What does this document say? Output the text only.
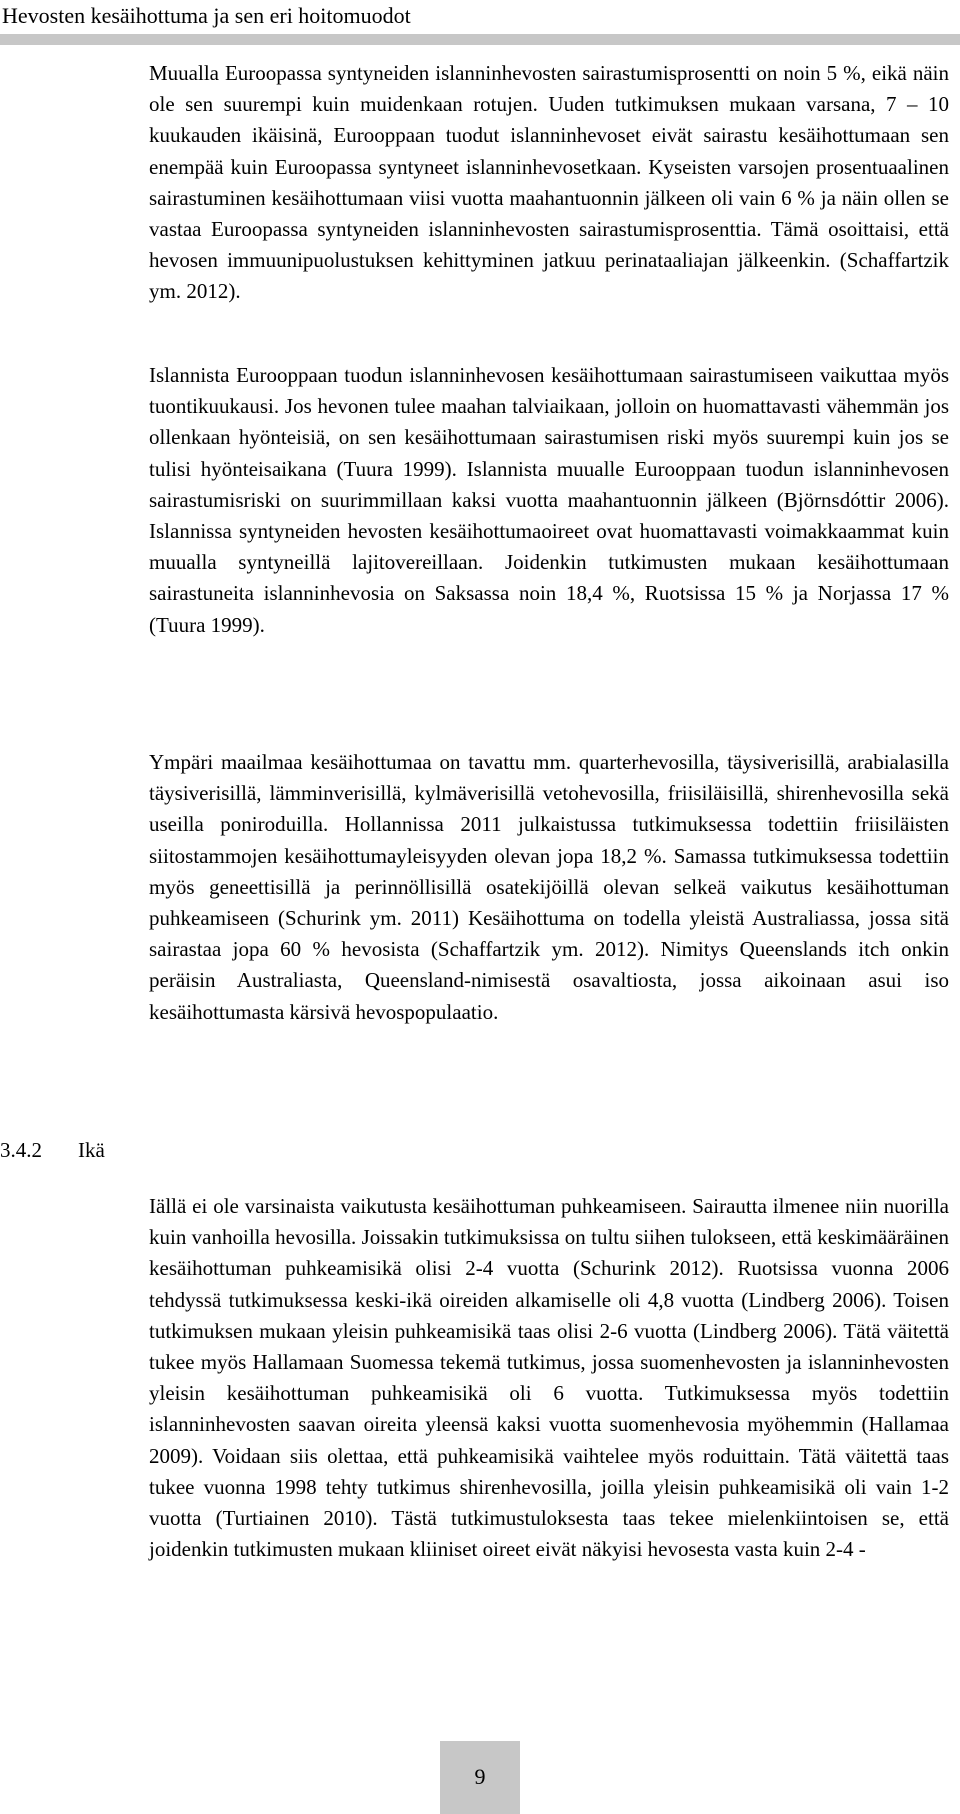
Hevosten kesäihottuma ja sen eri hoitomuodot

Muualla Euroopassa syntyneiden islanninhevosten sairastumisprosentti on noin 5 %, eikä näin ole sen suurempi kuin muidenkaan rotujen. Uuden tutkimuksen mukaan varsana, 7 – 10 kuukauden ikäisinä, Eurooppaan tuodut islanninhevoset eivät sairastu kesäihottumaan sen enempää kuin Euroopassa syntyneet islanninhevosetkaan. Kyseisten varsojen prosentuaalinen sairastuminen kesäihottumaan viisi vuotta maahantuonnin jälkeen oli vain 6 % ja näin ollen se vastaa Euroopassa syntyneiden islanninhevosten sairastumisprosenttia. Tämä osoittaisi, että hevosen immuunipuolustuksen kehittyminen jatkuu perinataaliajan jälkeenkin. (Schaffartzik ym. 2012).

Islannista Eurooppaan tuodun islanninhevosen kesäihottumaan sairastumiseen vaikuttaa myös tuontikuukausi. Jos hevonen tulee maahan talviaikaan, jolloin on huomattavasti vähemmän jos ollenkaan hyönteisiä, on sen kesäihottumaan sairastumisen riski myös suurempi kuin jos se tulisi hyönteisaikana (Tuura 1999). Islannista muualle Eurooppaan tuodun islanninhevosen sairastumisriski on suurimmillaan kaksi vuotta maahantuonnin jälkeen (Björnsdóttir 2006). Islannissa syntyneiden hevosten kesäihottumaoireet ovat huomattavasti voimakkaammat kuin muualla syntyneillä lajitovereillaan. Joidenkin tutkimusten mukaan kesäihottumaan sairastuneita islanninhevosia on Saksassa noin 18,4 %, Ruotsissa 15 % ja Norjassa 17 % (Tuura 1999).

Ympäri maailmaa kesäihottumaa on tavattu mm. quarterhevosilla, täysiverisillä, arabialasilla täysiverisillä, lämminverisillä, kylmäverisillä vetohevosilla, friisiläisillä, shirenhevosilla sekä useilla poniroduilla. Hollannissa 2011 julkaistussa tutkimuksessa todettiin friisiläisten siitostammojen kesäihottumayleisyyden olevan jopa 18,2 %. Samassa tutkimuksessa todettiin myös geneettisillä ja perinnöllisillä osatekijöillä olevan selkeä vaikutus kesäihottuman puhkeamiseen (Schurink ym. 2011) Kesäihottuma on todella yleistä Australiassa, jossa sitä sairastaa jopa 60 % hevosista (Schaffartzik ym. 2012). Nimitys Queenslands itch onkin peräisin Australiasta, Queensland-nimisestä osavaltiosta, jossa aikoinaan asui iso kesäihottumasta kärsivä hevospopulaatio.

3.4.2 Ikä

Iällä ei ole varsinaista vaikutusta kesäihottuman puhkeamiseen. Sairautta ilmenee niin nuorilla kuin vanhoilla hevosilla. Joissakin tutkimuksissa on tultu siihen tulokseen, että keskimääräinen kesäihottuman puhkeamisikä olisi 2-4 vuotta (Schurink 2012). Ruotsissa vuonna 2006 tehdyssä tutkimuksessa keski-ikä oireiden alkamiselle oli 4,8 vuotta (Lindberg 2006). Toisen tutkimuksen mukaan yleisin puhkeamisikä taas olisi 2-6 vuotta (Lindberg 2006). Tätä väitettä tukee myös Hallamaan Suomessa tekemä tutkimus, jossa suomenhevosten ja islanninhevosten yleisin kesäihottuman puhkeamisikä oli 6 vuotta. Tutkimuksessa myös todettiin islanninhevosten saavan oireita yleensä kaksi vuotta suomenhevosia myöhemmin (Hallamaa 2009). Voidaan siis olettaa, että puhkeamisikä vaihtelee myös roduittain. Tätä väitettä taas tukee vuonna 1998 tehty tutkimus shirenhevosilla, joilla yleisin puhkeamisikä oli vain 1-2 vuotta (Turtiainen 2010). Tästä tutkimustuloksesta taas tekee mielenkiintoisen se, että joidenkin tutkimusten mukaan kliiniset oireet eivät näkyisi hevosesta vasta kuin 2-4 -

9
